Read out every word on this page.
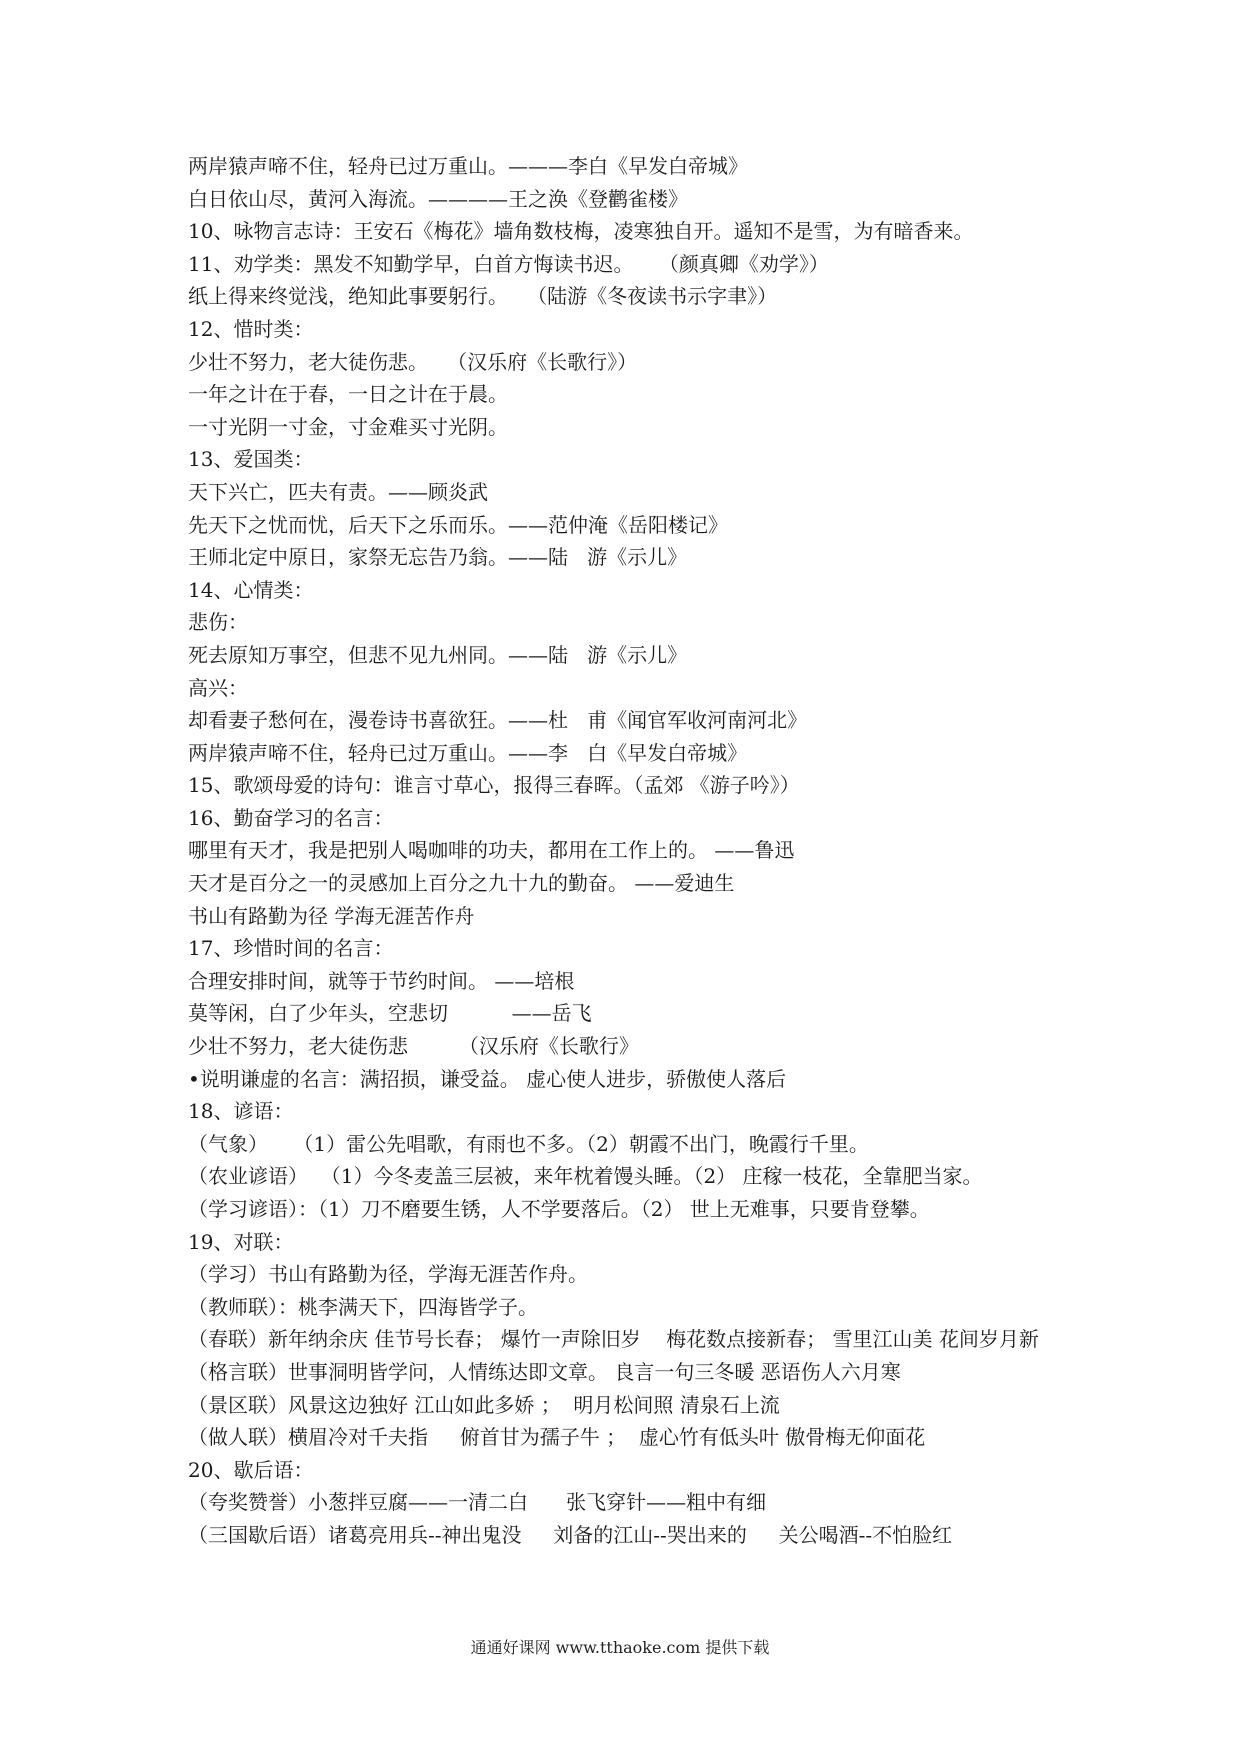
两岸猿声啼不住，轻舟已过万重山。———李白《早发白帝城》
白日依山尽，黄河入海流。————王之涣《登鹳雀楼》
10、咏物言志诗：王安石《梅花》墙角数枝梅，凌寒独自开。遥知不是雪，为有暗香来。
11、劝学类：黑发不知勤学早，白首方悔读书迟。    （颜真卿《劝学》）
纸上得来终觉浅，绝知此事要躬行。   （陆游《冬夜读书示字聿》）
12、惜时类：
少壮不努力，老大徒伤悲。   （汉乐府《长歌行》）
一年之计在于春，一日之计在于晨。
一寸光阴一寸金，寸金难买寸光阴。
13、爱国类：
天下兴亡，匹夫有责。——顾炎武
先天下之忧而忧，后天下之乐而乐。——范仲淹《岳阳楼记》
王师北定中原日，家祭无忘告乃翁。——陆   游《示儿》
14、心情类：
悲伤：
死去原知万事空，但悲不见九州同。——陆   游《示儿》
高兴：
却看妻子愁何在，漫卷诗书喜欲狂。——杜   甫《闻官军收河南河北》
两岸猿声啼不住，轻舟已过万重山。——李   白《早发白帝城》
15、歌颂母爱的诗句：谁言寸草心，报得三春晖。（孟郊 《游子吟》）
16、勤奋学习的名言：
哪里有天才，我是把别人喝咖啡的功夫，都用在工作上的。 ——鲁迅
天才是百分之一的灵感加上百分之九十九的勤奋。 ——爱迪生
书山有路勤为径 学海无涯苦作舟
17、珍惜时间的名言：
合理安排时间，就等于节约时间。 ——培根
莫等闲，白了少年头，空悲切          ——岳飞
少壮不努力，老大徒伤悲        （汉乐府《长歌行》
•说明谦虚的名言：满招损，谦受益。 虚心使人进步，骄傲使人落后
18、谚语：
（气象）    （1）雷公先唱歌，有雨也不多。（2）朝霞不出门，晚霞行千里。
（农业谚语）  （1）今冬麦盖三层被，来年枕着馒头睡。（2） 庄稼一枝花，全靠肥当家。
（学习谚语）：（1）刀不磨要生锈，人不学要落后。（2） 世上无难事，只要肯登攀。
19、对联：
（学习）书山有路勤为径，学海无涯苦作舟。
（教师联）：桃李满天下，四海皆学子。
（春联）新年纳余庆 佳节号长春； 爆竹一声除旧岁    梅花数点接新春； 雪里江山美 花间岁月新
（格言联）世事洞明皆学问，人情练达即文章。 良言一句三冬暖 恶语伤人六月寒
（景区联）风景这边独好 江山如此多娇 ；  明月松间照 清泉石上流
（做人联）横眉冷对千夫指     俯首甘为孺子牛 ；  虚心竹有低头叶 傲骨梅无仰面花
20、歇后语：
（夸奖赞誉）小葱拌豆腐——一清二白      张飞穿针——粗中有细
（三国歇后语）诸葛亮用兵--神出鬼没     刘备的江山--哭出来的     关公喝酒--不怕脸红
通通好课网 www.tthaoke.com 提供下载
